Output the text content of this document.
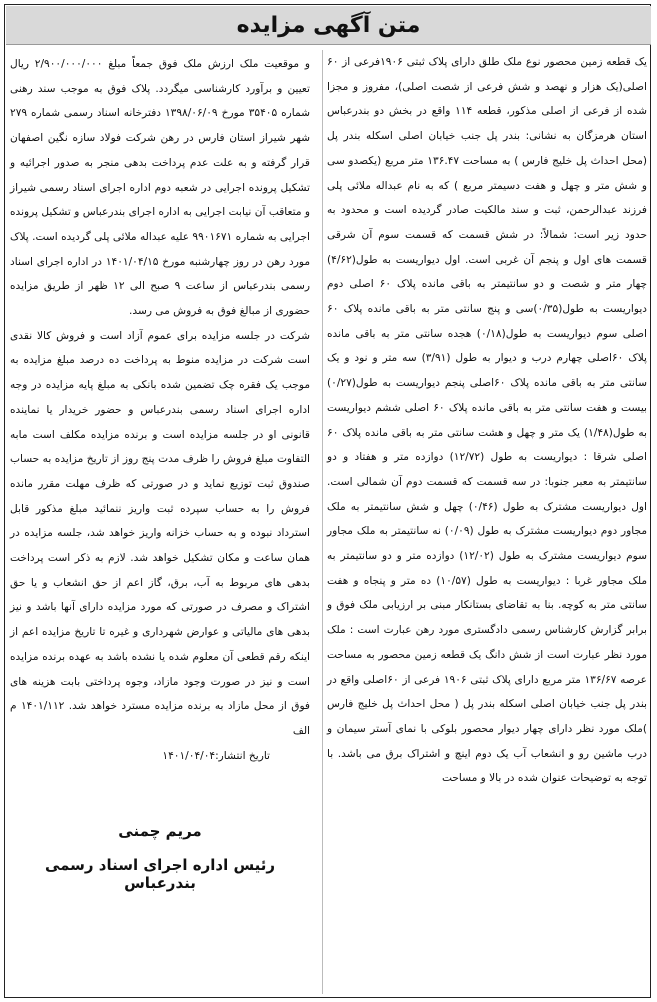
متن آگهی مزایده

یک قطعه زمین محصور نوع ملک طلق دارای پلاک ثبتی ۱۹۰۶فرعی از ۶۰ اصلی(یک هزار و نهصد و شش فرعی از شصت اصلی)، مفروز و مجزا شده از فرعی از اصلی مذکور، قطعه ۱۱۴ واقع در بخش دو بندرعباس استان هرمزگان به نشانی: بندر پل جنب خیابان اصلی اسکله بندر پل (محل احداث پل خلیج فارس ) به مساحت ۱۳۶.۴۷ متر مربع (یکصدو سی و شش متر و چهل و هفت دسیمتر مربع ) که به نام عبداله ملائی پلی فرزند عبدالرحمن، ثبت و سند مالکیت صادر گردیده است و محدود به حدود زیر است: شمالاً: در شش قسمت که قسمت سوم آن شرقی قسمت های اول و پنجم آن غربی است. اول دیواریست به طول(۴/۶۲) چهار متر و شصت و دو سانتیمتر به باقی مانده پلاک ۶۰ اصلی دوم دیواریست به طول(۰/۳۵)سی و پنج سانتی متر به باقی مانده پلاک ۶۰ اصلی سوم دیواریست به طول(۰/۱۸) هجده سانتی متر به باقی مانده پلاک ۶۰اصلی چهارم درب و دیوار به طول (۳/۹۱) سه متر و نود و یک سانتی متر به باقی مانده پلاک ۶۰اصلی پنجم دیواریست به طول(۰/۲۷) بیست و هفت سانتی متر به باقی مانده پلاک ۶۰ اصلی ششم دیواریست به طول(۱/۴۸) یک متر و چهل و هشت سانتی متر به باقی مانده پلاک ۶۰ اصلی شرقا : دیواریست به طول (۱۲/۷۲) دوازده متر و هفتاد و دو سانتیمتر به معبر جنوبا: در سه قسمت که قسمت دوم آن شمالی است. اول دیواریست مشترک به طول (۰/۴۶) چهل و شش سانتیمتر به ملک مجاور دوم دیواریست مشترک به طول (۰/۰۹) نه سانتیمتر به ملک مجاور سوم دیواریست مشترک به طول (۱۲/۰۲) دوازده متر و دو سانتیمتر به ملک مجاور غربا : دیواریست به طول (۱۰/۵۷) ده متر و پنجاه و هفت سانتی متر به کوچه. بنا به تقاضای بستانکار مبنی بر ارزیابی ملک فوق و برابر گزارش کارشناس رسمی دادگستری مورد رهن عبارت است : ملک مورد نظر عبارت است از شش دانگ یک قطعه زمین محصور به مساحت عرصه ۱۳۶/۶۷ متر مربع دارای پلاک ثبتی ۱۹۰۶ فرعی از ۶۰اصلی واقع در بندر پل جنب خیابان اصلی اسکله بندر پل ( محل احداث پل خلیج فارس )ملک مورد نظر دارای چهار دیوار محصور بلوکی با نمای آستر سیمان و درب ماشین رو و انشعاب آب یک دوم اینچ و اشتراک برق می باشد. با توجه به توضیحات عنوان شده در بالا و مساحت

و موقعیت ملک ارزش ملک فوق جمعاً مبلغ ۲/۹۰۰/۰۰۰/۰۰۰ ریال تعیین و برآورد کارشناسی میگردد. پلاک فوق به موجب سند رهنی شماره ۳۵۴۰۵ مورخ ۱۳۹۸/۰۶/۰۹ دفترخانه اسناد رسمی شماره ۲۷۹ شهر شیراز استان فارس در رهن شرکت فولاد سازه نگین اصفهان قرار گرفته و به علت عدم پرداخت بدهی منجر به صدور اجرائیه و تشکیل پرونده اجرایی در شعبه دوم اداره اجرای اسناد رسمی شیراز و متعاقب آن نیابت اجرایی به اداره اجرای بندرعباس و تشکیل پرونده اجرایی به شماره ۹۹۰۱۶۷۱ علیه عبداله ملائی پلی گردیده است. پلاک مورد رهن در روز چهارشنبه مورخ ۱۴۰۱/۰۴/۱۵ در اداره اجرای اسناد رسمی بندرعباس از ساعت ۹ صبح الی ۱۲ ظهر از طریق مزایده حضوری از مبالغ فوق به فروش می رسد.

شرکت در جلسه مزایده برای عموم آزاد است و فروش کالا نقدی است شرکت در مزایده منوط به پرداخت ده درصد مبلغ مزایده به موجب یک فقره چک تضمین شده بانکی به مبلغ پایه مزایده در وجه اداره اجرای اسناد رسمی بندرعباس و حضور خریدار یا نماینده قانونی او در جلسه مزایده است و برنده مزایده مکلف است مابه التفاوت مبلغ فروش را ظرف مدت پنج روز از تاریخ مزایده به حساب صندوق ثبت توزیع نماید و در صورتی که ظرف مهلت مقرر مانده فروش را به حساب سپرده ثبت واریز ننمائید مبلغ مذکور قابل استرداد نبوده و به حساب خزانه واریز خواهد شد، جلسه مزایده در همان ساعت و مکان تشکیل خواهد شد. لازم به ذکر است پرداخت بدهی های مربوط به آب، برق، گاز اعم از حق انشعاب و یا حق اشتراک و مصرف در صورتی که مورد مزایده دارای آنها باشد و نیز بدهی های مالیاتی و عوارض شهرداری و غیره تا تاریخ مزایده اعم از اینکه رقم قطعی آن معلوم شده یا نشده باشد به عهده برنده مزایده است و نیز در صورت وجود مازاد، وجوه پرداختی بابت هزینه های فوق از محل مازاد به برنده مزایده مسترد خواهد شد. ۱۴۰۱/۱۱۲ م الف

تاریخ انتشار:۱۴۰۱/۰۴/۰۴

مریم چمنی
رئیس اداره اجرای اسناد رسمی بندرعباس
